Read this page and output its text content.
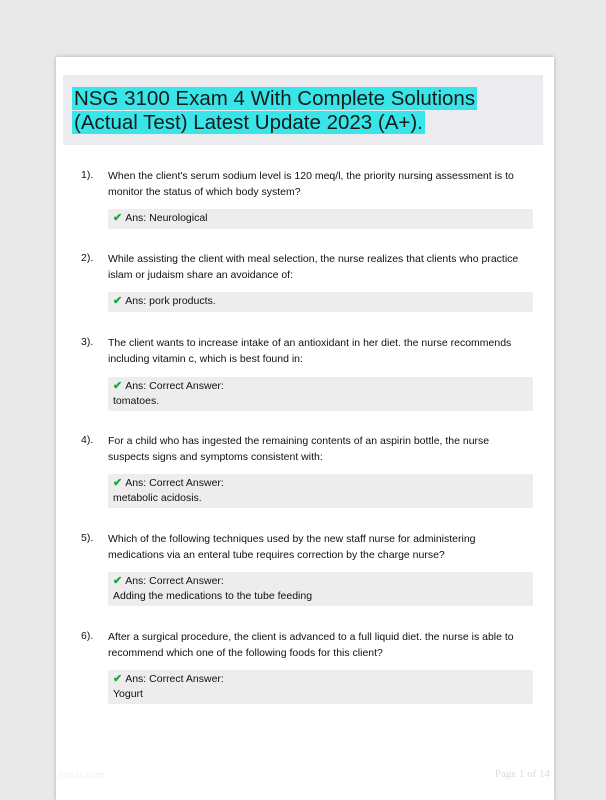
NSG 3100 Exam 4 With Complete Solutions
(Actual Test) Latest Update 2023 (A+).
1). When the client's serum sodium level is 120 meq/l, the priority nursing assessment is to monitor the status of which body system?
✔ Ans: Neurological
2). While assisting the client with meal selection, the nurse realizes that clients who practice islam or judaism share an avoidance of:
✔ Ans: pork products.
3). The client wants to increase intake of an antioxidant in her diet. the nurse recommends including vitamin c, which is best found in:
✔ Ans: Correct Answer:
tomatoes.
4). For a child who has ingested the remaining contents of an aspirin bottle, the nurse suspects signs and symptoms consistent with:
✔ Ans: Correct Answer:
metabolic acidosis.
5). Which of the following techniques used by the new staff nurse for administering medications via an enteral tube requires correction by the charge nurse?
✔ Ans: Correct Answer:
Adding the medications to the tube feeding
6). After a surgical procedure, the client is advanced to a full liquid diet. the nurse is able to recommend which one of the following foods for this client?
✔ Ans: Correct Answer:
Yogurt
Stuvia.com	Page 1 of 14
